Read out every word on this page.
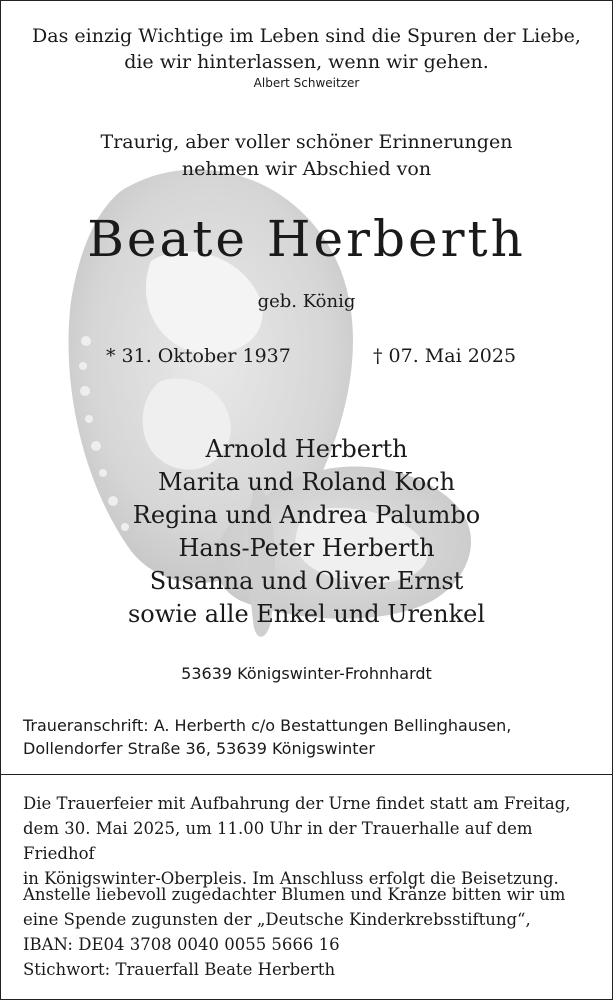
Das einzig Wichtige im Leben sind die Spuren der Liebe,
die wir hinterlassen, wenn wir gehen.
Albert Schweitzer
Traurig, aber voller schöner Erinnerungen
nehmen wir Abschied von
Beate Herberth
geb. König
* 31. Oktober 1937	† 07. Mai 2025
Arnold Herberth
Marita und Roland Koch
Regina und Andrea Palumbo
Hans-Peter Herberth
Susanna und Oliver Ernst
sowie alle Enkel und Urenkel
53639 Königswinter-Frohnhardt
Traueranschrift: A. Herberth c/o Bestattungen Bellinghausen,
Dollendorfer Straße 36, 53639 Königswinter
Die Trauerfeier mit Aufbahrung der Urne findet statt am Freitag,
dem 30. Mai 2025, um 11.00 Uhr in der Trauerhalle auf dem Friedhof
in Königswinter-Oberpleis. Im Anschluss erfolgt die Beisetzung.
Anstelle liebevoll zugedachter Blumen und Kränze bitten wir um
eine Spende zugunsten der „Deutsche Kinderkrebsstiftung“,
IBAN: DE04 3708 0040 0055 5666 16
Stichwort: Trauerfall Beate Herberth
